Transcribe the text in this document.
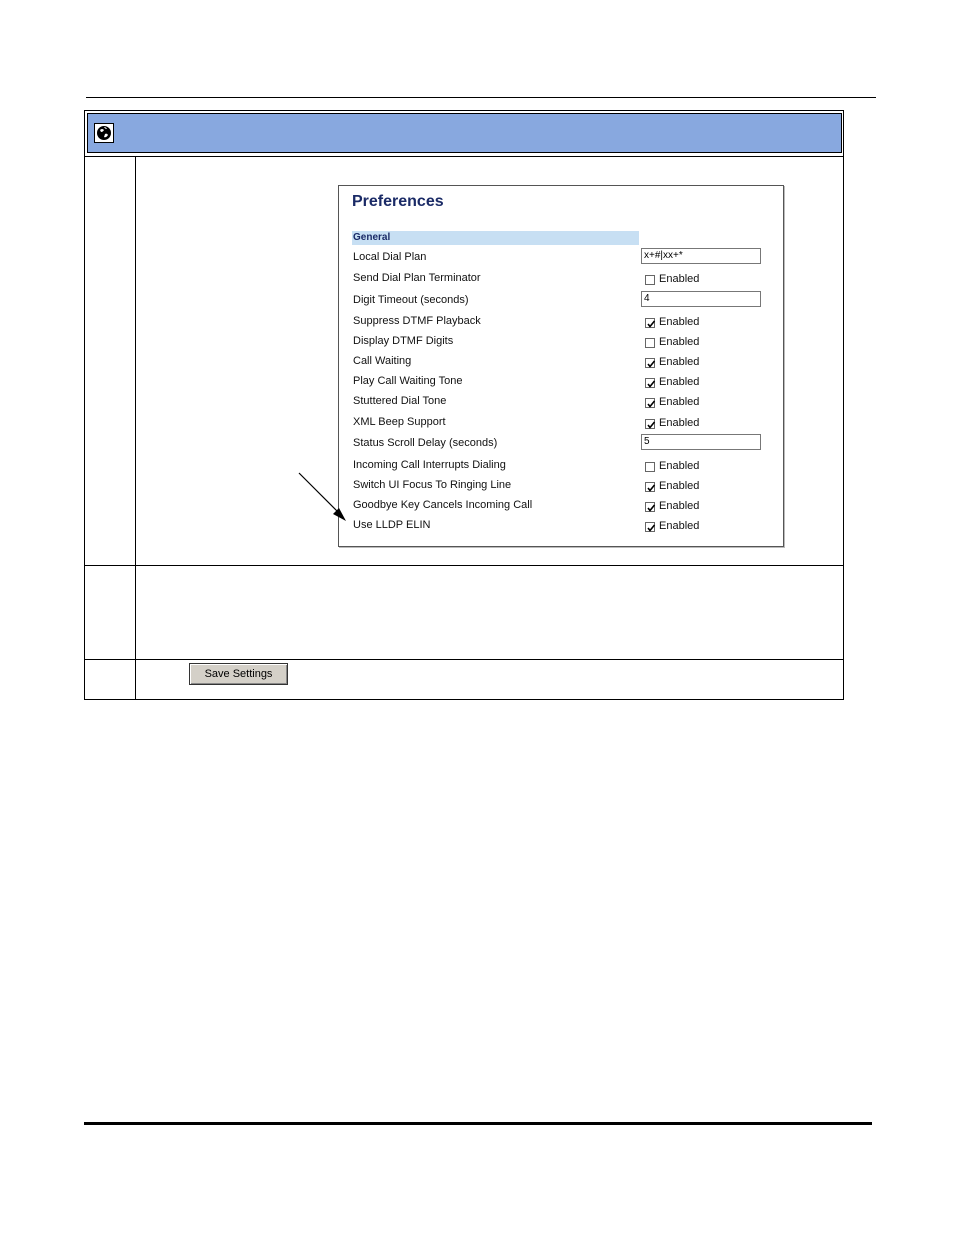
Preferences
General
Local Dial Plan	x+#|xx+*
Send Dial Plan Terminator	Enabled
Digit Timeout (seconds)	4
Suppress DTMF Playback	Enabled
Display DTMF Digits	Enabled
Call Waiting	Enabled
Play Call Waiting Tone	Enabled
Stuttered Dial Tone	Enabled
XML Beep Support	Enabled
Status Scroll Delay (seconds)	5
Incoming Call Interrupts Dialing	Enabled
Switch UI Focus To Ringing Line	Enabled
Goodbye Key Cancels Incoming Call	Enabled
Use LLDP ELIN	Enabled
Save Settings
